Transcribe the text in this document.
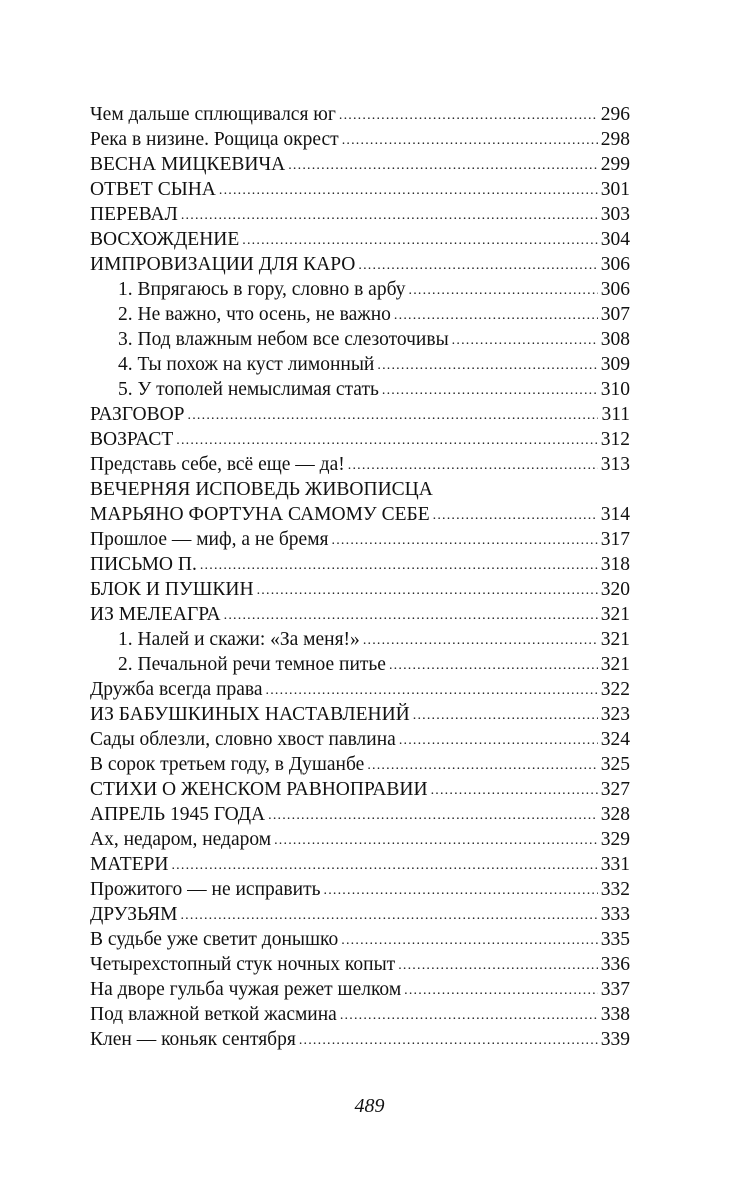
Чем дальше сплющивался юг .....	296
Река в низине. Рощица окрест .....	298
ВЕСНА МИЦКЕВИЧА .....	299
ОТВЕТ СЫНА .....	301
ПЕРЕВАЛ .....	303
ВОСХОЖДЕНИЕ .....	304
ИМПРОВИЗАЦИИ ДЛЯ КАРО .....	306
1. Впрягаюсь в гору, словно в арбу .....	306
2. Не важно, что осень, не важно .....	307
3. Под влажным небом все слезоточивы .....	308
4. Ты похож на куст лимонный .....	309
5. У тополей немыслимая стать .....	310
РАЗГОВОР .....	311
ВОЗРАСТ .....	312
Представь себе, всё еще — да! .....	313
ВЕЧЕРНЯЯ ИСПОВЕДЬ ЖИВОПИСЦА
МАРЬЯНО ФОРТУНА САМОМУ СЕБЕ .....	314
Прошлое — миф, а не бремя .....	317
ПИСЬМО П. .....	318
БЛОК И ПУШКИН .....	320
ИЗ МЕЛЕАГРА .....	321
1. Налей и скажи: «За меня!» .....	321
2. Печальной речи темное питье .....	321
Дружба всегда права .....	322
ИЗ БАБУШКИНЫХ НАСТАВЛЕНИЙ .....	323
Сады облезли, словно хвост павлина .....	324
В сорок третьем году, в Душанбе .....	325
СТИХИ О ЖЕНСКОМ РАВНОПРАВИИ .....	327
АПРЕЛЬ 1945 ГОДА .....	328
Ах, недаром, недаром .....	329
МАТЕРИ .....	331
Прожитого — не исправить .....	332
ДРУЗЬЯМ .....	333
В судьбе уже светит донышко .....	335
Четырехстопный стук ночных копыт .....	336
На дворе гульба чужая режет шелком .....	337
Под влажной веткой жасмина .....	338
Клен — коньяк сентября .....	339
489
